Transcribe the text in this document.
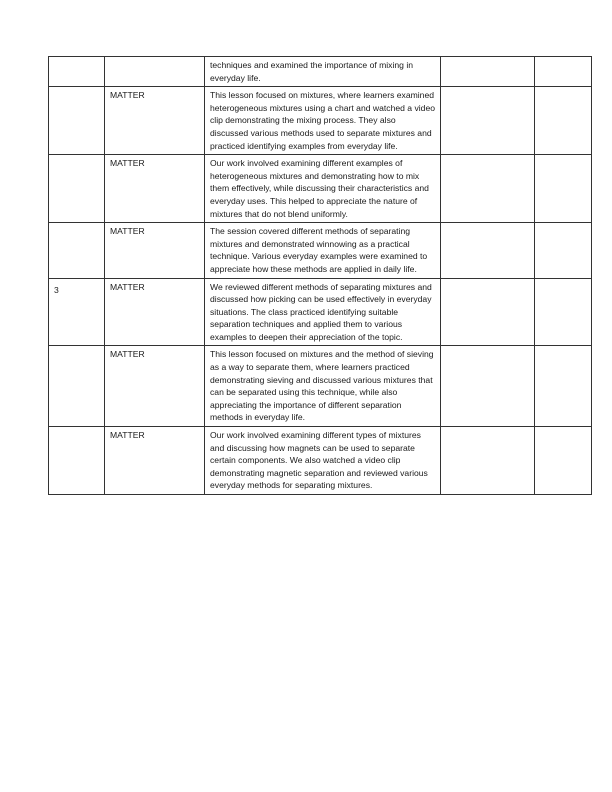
		techniques and examined the importance of mixing in everyday life.		

	MATTER	This lesson focused on mixtures, where learners examined heterogeneous mixtures using a chart and watched a video clip demonstrating the mixing process. They also discussed various methods used to separate mixtures and practiced identifying examples from everyday life.		

	MATTER	Our work involved examining different examples of heterogeneous mixtures and demonstrating how to mix them effectively, while discussing their characteristics and everyday uses. This helped to appreciate the nature of mixtures that do not blend uniformly.		

	MATTER	The session covered different methods of separating mixtures and demonstrated winnowing as a practical technique. Various everyday examples were examined to appreciate how these methods are applied in daily life.		

3	MATTER	We reviewed different methods of separating mixtures and discussed how picking can be used effectively in everyday situations. The class practiced identifying suitable separation techniques and applied them to various examples to deepen their appreciation of the topic.		

	MATTER	This lesson focused on mixtures and the method of sieving as a way to separate them, where learners practiced demonstrating sieving and discussed various mixtures that can be separated using this technique, while also appreciating the importance of different separation methods in everyday life.		

	MATTER	Our work involved examining different types of mixtures and discussing how magnets can be used to separate certain components. We also watched a video clip demonstrating magnetic separation and reviewed various everyday methods for separating mixtures.		
